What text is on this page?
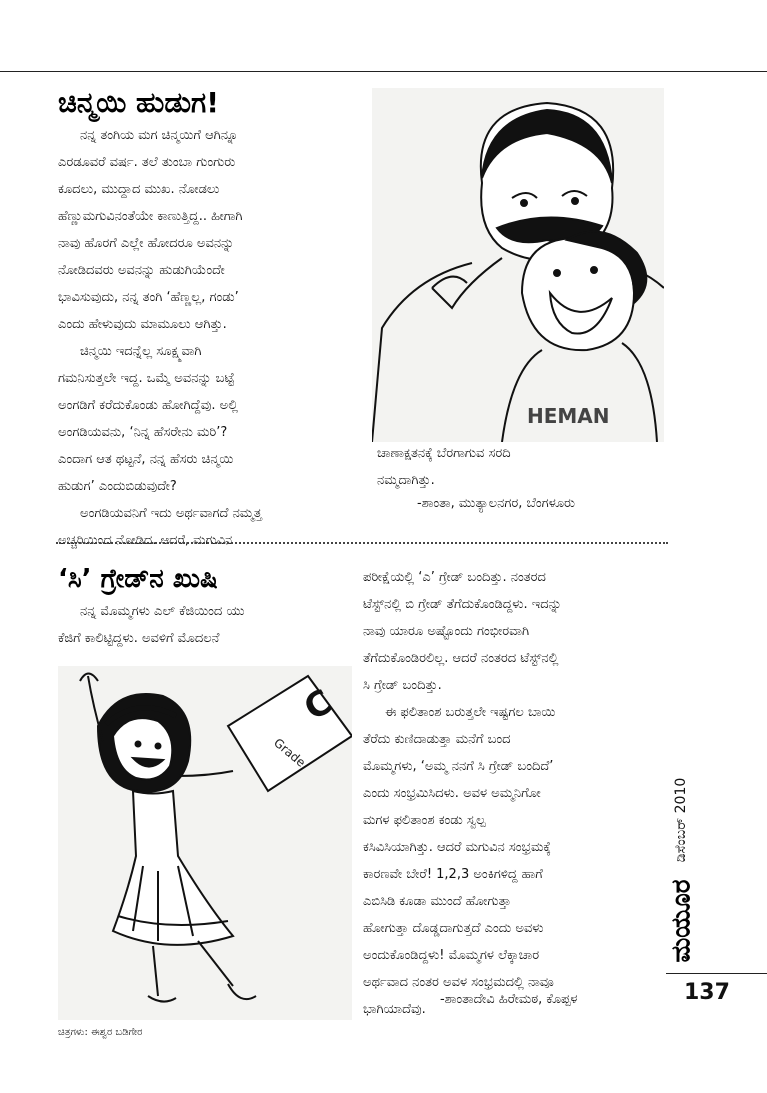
ಚಿನ್ಮಯಿ ಹುಡುಗ!
ನನ್ನ ತಂಗಿಯ ಮಗ ಚಿನ್ಮಯಿಗೆ ಆಗಿನ್ನೂ
ಎರಡೂವರೆ ವರ್ಷ. ತಲೆ ತುಂಬಾ ಗುಂಗುರು
ಕೂದಲು, ಮುದ್ದಾದ ಮುಖ. ನೋಡಲು
ಹೆಣ್ಣುಮಗುವಿನಂತೆಯೇ ಕಾಣುತ್ತಿದ್ದ.. ಹೀಗಾಗಿ
ನಾವು ಹೊರಗೆ ಎಲ್ಲೇ ಹೋದರೂ ಅವನನ್ನು
ನೋಡಿದವರು ಅವನನ್ನು ಹುಡುಗಿಯೆಂದೇ
ಭಾವಿಸುವುದು, ನನ್ನ ತಂಗಿ ‘ಹೆಣ್ಣಲ್ಲ, ಗಂಡು’
ಎಂದು ಹೇಳುವುದು ಮಾಮೂಲು ಆಗಿತ್ತು.
ಚಿನ್ಮಯಿ ಇದನ್ನೆಲ್ಲ ಸೂಕ್ಷ್ಮವಾಗಿ
ಗಮನಿಸುತ್ತಲೇ ಇದ್ದ. ಒಮ್ಮೆ ಅವನನ್ನು ಬಟ್ಟೆ
ಅಂಗಡಿಗೆ ಕರೆದುಕೊಂಡು ಹೋಗಿದ್ದೆವು. ಅಲ್ಲಿ
ಅಂಗಡಿಯವನು, ‘ನಿನ್ನ ಹೆಸರೇನು ಮರಿ’?
ಎಂದಾಗ ಆತ ಥಟ್ಟನೆ, ನನ್ನ ಹೆಸರು ಚಿನ್ಮಯಿ
ಹುಡುಗ’ ಎಂದುಬಿಡುವುದೇ?
ಅಂಗಡಿಯವನಿಗೆ ಇದು ಅರ್ಥವಾಗದೆ ನಮ್ಮತ್ತ
ಅಚ್ಚರಿಯಿಂದ ನೋಡಿದ. ಆದರೆ, ಮಗುವಿನ
HEMAN
ಚಾಣಾಕ್ಷತನಕ್ಕೆ ಬೆರಗಾಗುವ ಸರದಿ
ನಮ್ಮದಾಗಿತ್ತು.
-ಶಾಂತಾ, ಮುತ್ಯಾಲನಗರ, ಬೆಂಗಳೂರು
‘ಸಿ’ ಗ್ರೇಡ್‌ನ ಖುಷಿ
ನನ್ನ ಮೊಮ್ಮಗಳು ಎಲ್ ಕೆಜಿಯಿಂದ ಯು
ಕೆಜಿಗೆ ಕಾಲಿಟ್ಟಿದ್ದಳು. ಅವಳಿಗೆ ಮೊದಲನೆ
Grade
C
ಚಿತ್ರಗಳು: ಈಶ್ವರ ಬಡಿಗೇರ
ಪರೀಕ್ಷೆಯಲ್ಲಿ ‘ಎ’ ಗ್ರೇಡ್ ಬಂದಿತ್ತು. ನಂತರದ
ಟೆಸ್ಟ್‌ನಲ್ಲಿ ಬಿ ಗ್ರೇಡ್ ತೆಗೆದುಕೊಂಡಿದ್ದಳು. ಇದನ್ನು
ನಾವು ಯಾರೂ ಅಷ್ಟೊಂದು ಗಂಭೀರವಾಗಿ
ತೆಗೆದುಕೊಂಡಿರಲಿಲ್ಲ. ಆದರೆ ನಂತರದ ಟೆಸ್ಟ್‌ನಲ್ಲಿ
ಸಿ ಗ್ರೇಡ್ ಬಂದಿತ್ತು.
ಈ ಫಲಿತಾಂಶ ಬರುತ್ತಲೇ ಇಷ್ಟಗಲ ಬಾಯಿ
ತೆರೆದು ಕುಣಿದಾಡುತ್ತಾ ಮನೆಗೆ ಬಂದ
ಮೊಮ್ಮಗಳು, ‘ಅಮ್ಮ ನನಗೆ ಸಿ ಗ್ರೇಡ್ ಬಂದಿದೆ’
ಎಂದು ಸಂಭ್ರಮಿಸಿದಳು. ಅವಳ ಅಮ್ಮನಿಗೋ
ಮಗಳ ಫಲಿತಾಂಶ ಕಂಡು ಸ್ವಲ್ಪ
ಕಸಿವಿಸಿಯಾಗಿತ್ತು. ಆದರೆ ಮಗುವಿನ ಸಂಭ್ರಮಕ್ಕೆ
ಕಾರಣವೇ ಬೇರೆ! 1,2,3 ಅಂಕಿಗಳಿದ್ದ ಹಾಗೆ
ಎಬಿಸಿಡಿ ಕೂಡಾ ಮುಂದೆ ಹೋಗುತ್ತಾ
ಹೋಗುತ್ತಾ ದೊಡ್ಡದಾಗುತ್ತದೆ ಎಂದು ಅವಳು
ಅಂದುಕೊಂಡಿದ್ದಳು! ಮೊಮ್ಮಗಳ ಲೆಕ್ಕಾಚಾರ
ಅರ್ಥವಾದ ನಂತರ ಅವಳ ಸಂಭ್ರಮದಲ್ಲಿ ನಾವೂ
ಭಾಗಿಯಾದೆವು.
-ಶಾಂತಾದೇವಿ ಹಿರೇಮಠ, ಕೊಪ್ಪಳ
ಡಿಸೆಂಬರ್ 2010
ಮಯೂರ
137
